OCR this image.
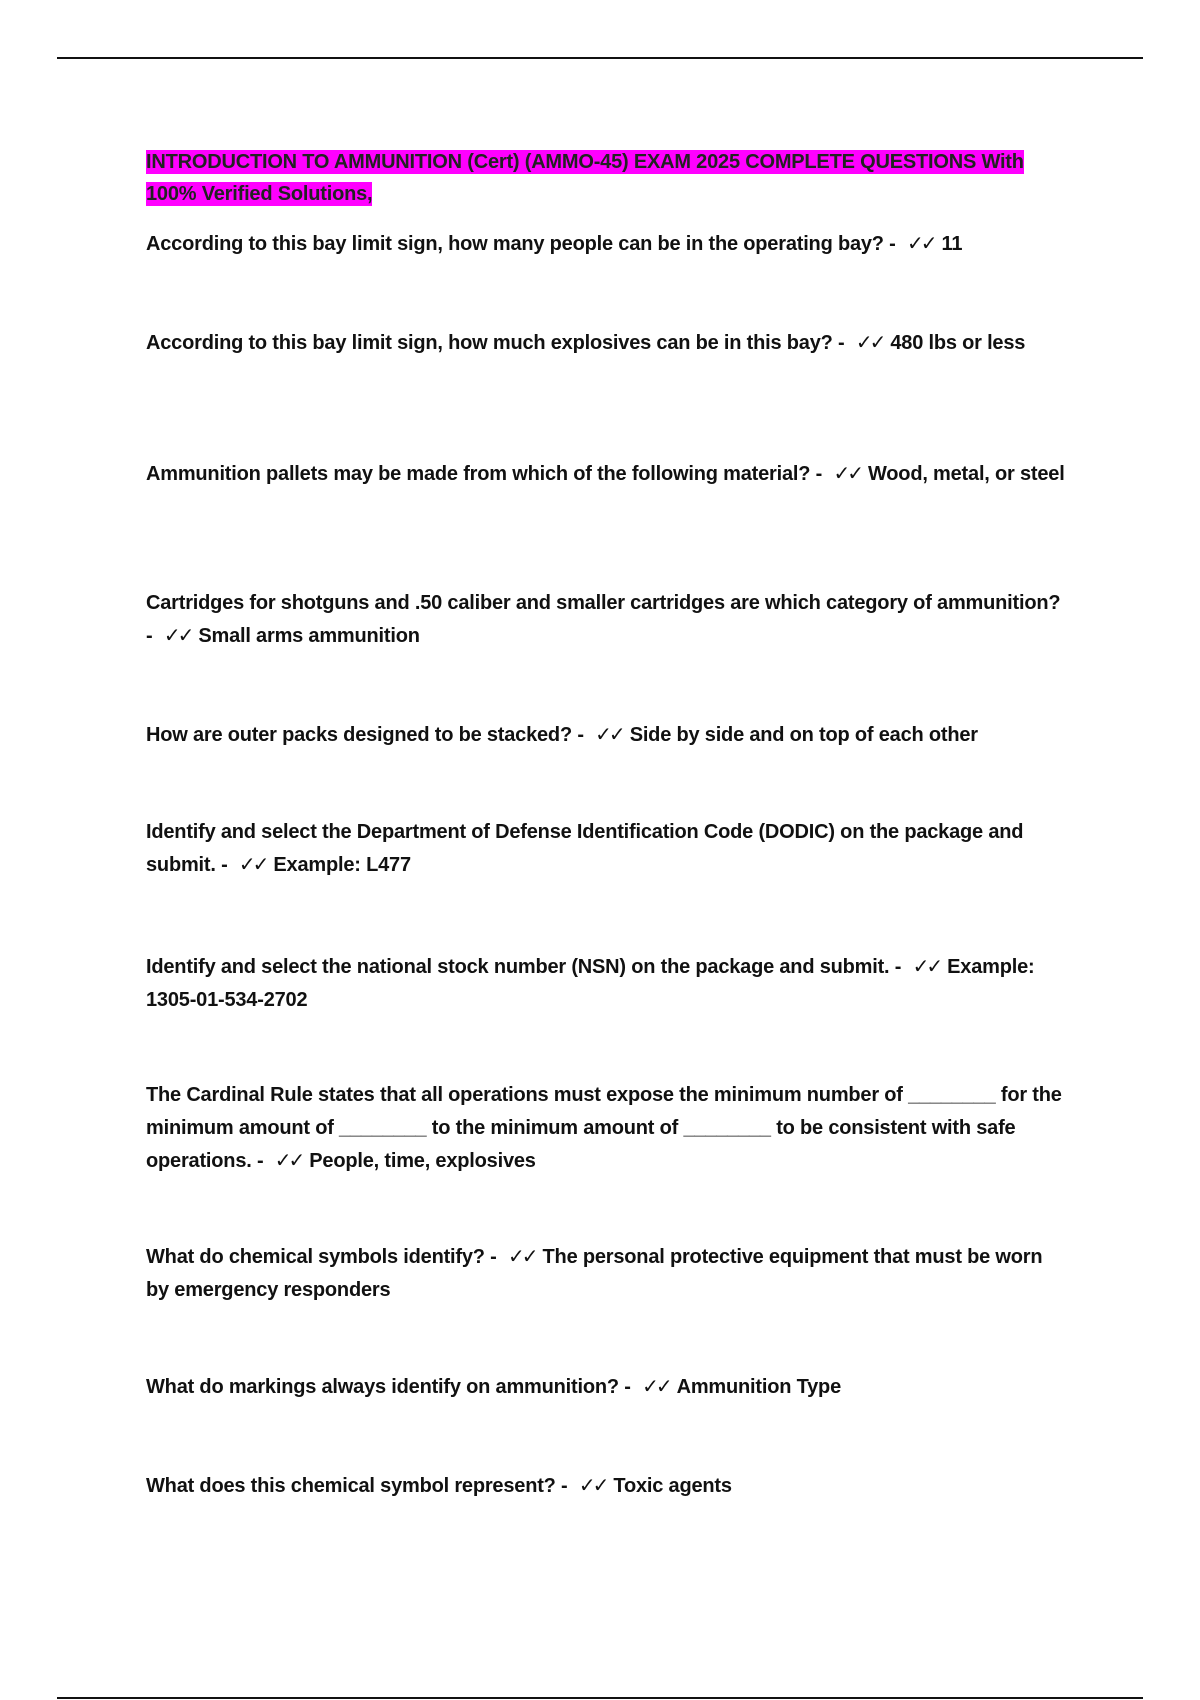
INTRODUCTION TO AMMUNITION (Cert) (AMMO-45) EXAM 2025 COMPLETE QUESTIONS With 100% Verified Solutions,

According to this bay limit sign, how many people can be in the operating bay? - ✓✓ 11

According to this bay limit sign, how much explosives can be in this bay? - ✓✓ 480 lbs or less

Ammunition pallets may be made from which of the following material? - ✓✓ Wood, metal, or steel

Cartridges for shotguns and .50 caliber and smaller cartridges are which category of ammunition? - ✓✓ Small arms ammunition

How are outer packs designed to be stacked? - ✓✓ Side by side and on top of each other

Identify and select the Department of Defense Identification Code (DODIC) on the package and submit. - ✓✓ Example: L477

Identify and select the national stock number (NSN) on the package and submit. - ✓✓ Example: 1305-01-534-2702

The Cardinal Rule states that all operations must expose the minimum number of ________ for the minimum amount of ________ to the minimum amount of ________ to be consistent with safe operations. - ✓✓ People, time, explosives

What do chemical symbols identify? - ✓✓ The personal protective equipment that must be worn by emergency responders

What do markings always identify on ammunition? - ✓✓ Ammunition Type

What does this chemical symbol represent? - ✓✓ Toxic agents
